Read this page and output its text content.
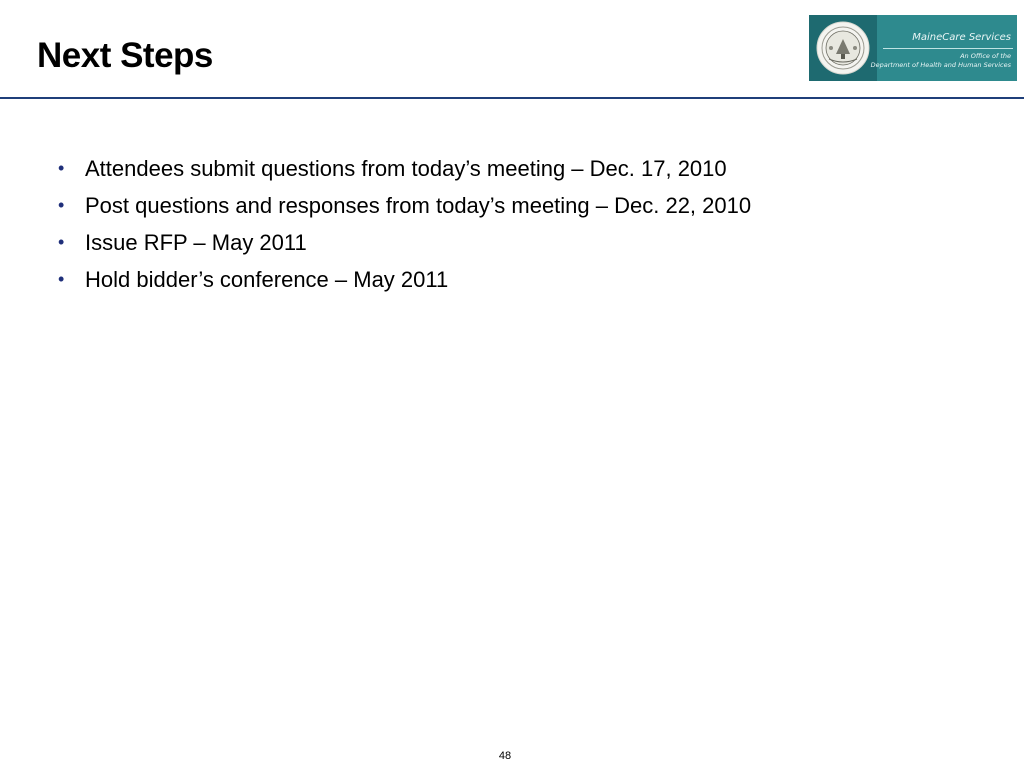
Next Steps	MaineCare Services
An Office of the
Department of Health and Human Services
• Attendees submit questions from today’s meeting – Dec. 17, 2010
• Post questions and responses from today’s meeting – Dec. 22, 2010
• Issue RFP – May 2011
• Hold bidder’s conference – May 2011
48
